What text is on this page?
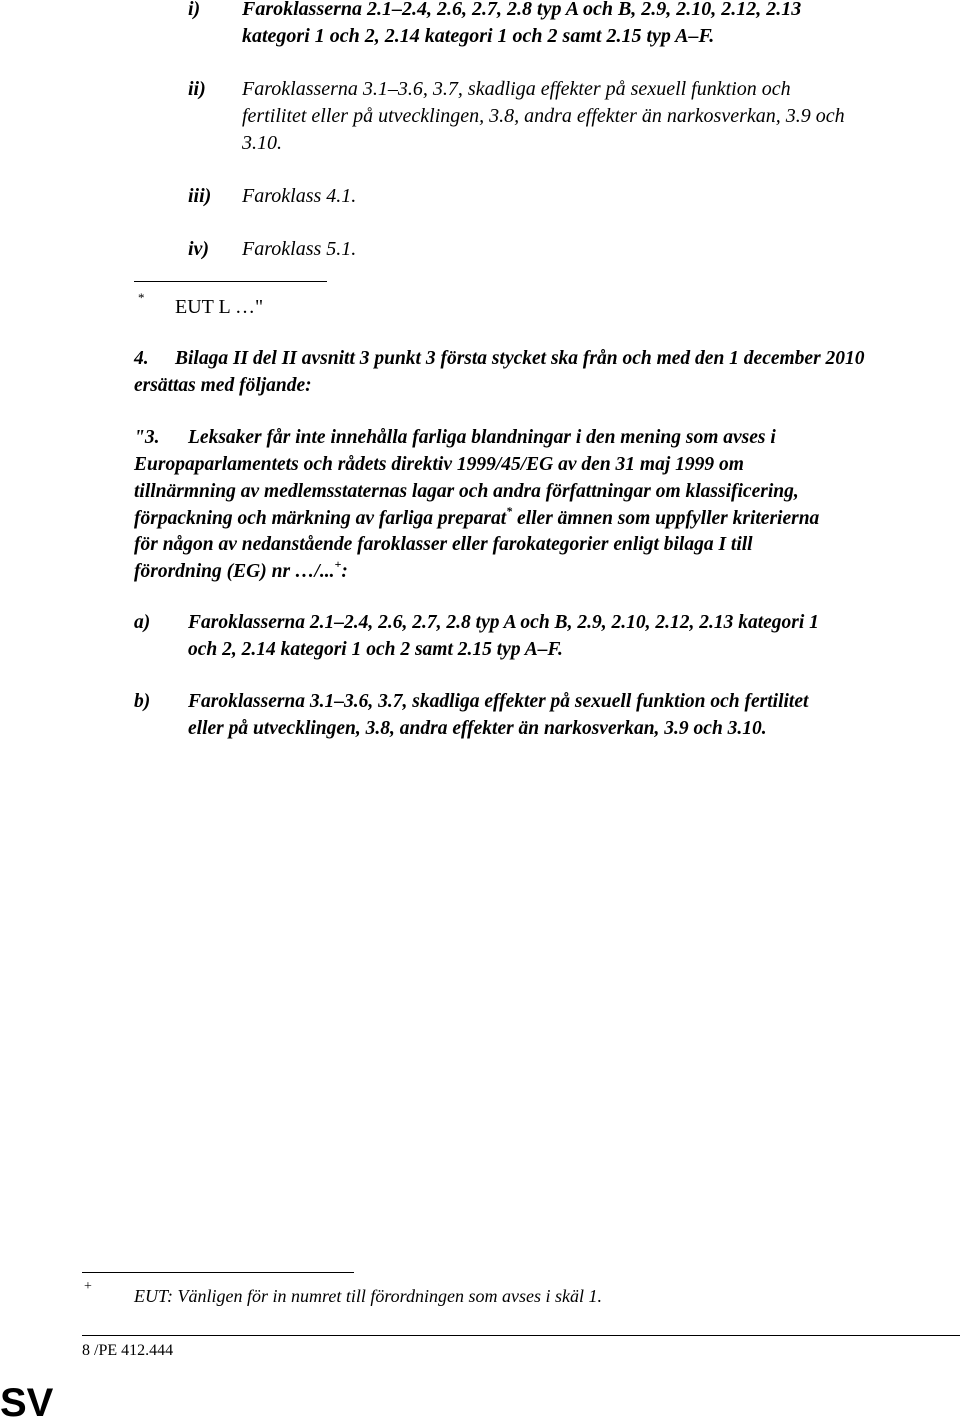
i) Faroklasserna 2.1–2.4, 2.6, 2.7, 2.8 typ A och B, 2.9, 2.10, 2.12, 2.13
kategori 1 och 2, 2.14 kategori 1 och 2 samt 2.15 typ A–F.
ii) Faroklasserna 3.1–3.6, 3.7, skadliga effekter på sexuell funktion och
fertilitet eller på utvecklingen, 3.8, andra effekter än narkosverkan, 3.9 och
3.10.
iii) Faroklass 4.1.
iv) Faroklass 5.1.
* EUT L …"
4. Bilaga II del II avsnitt 3 punkt 3 första stycket ska från och med den 1 december 2010
ersättas med följande:
"3. Leksaker får inte innehålla farliga blandningar i den mening som avses i
Europaparlamentets och rådets direktiv 1999/45/EG av den 31 maj 1999 om
tillnärmning av medlemsstaternas lagar och andra författningar om klassificering,
förpackning och märkning av farliga preparat* eller ämnen som uppfyller kriterierna
för någon av nedanstående faroklasser eller farokategorier enligt bilaga I till
förordning (EG) nr …/...+:
a) Faroklasserna 2.1–2.4, 2.6, 2.7, 2.8 typ A och B, 2.9, 2.10, 2.12, 2.13 kategori 1
och 2, 2.14 kategori 1 och 2 samt 2.15 typ A–F.
b) Faroklasserna 3.1–3.6, 3.7, skadliga effekter på sexuell funktion och fertilitet
eller på utvecklingen, 3.8, andra effekter än narkosverkan, 3.9 och 3.10.
+ EUT: Vänligen för in numret till förordningen som avses i skäl 1.
8 /PE 412.444
SV
